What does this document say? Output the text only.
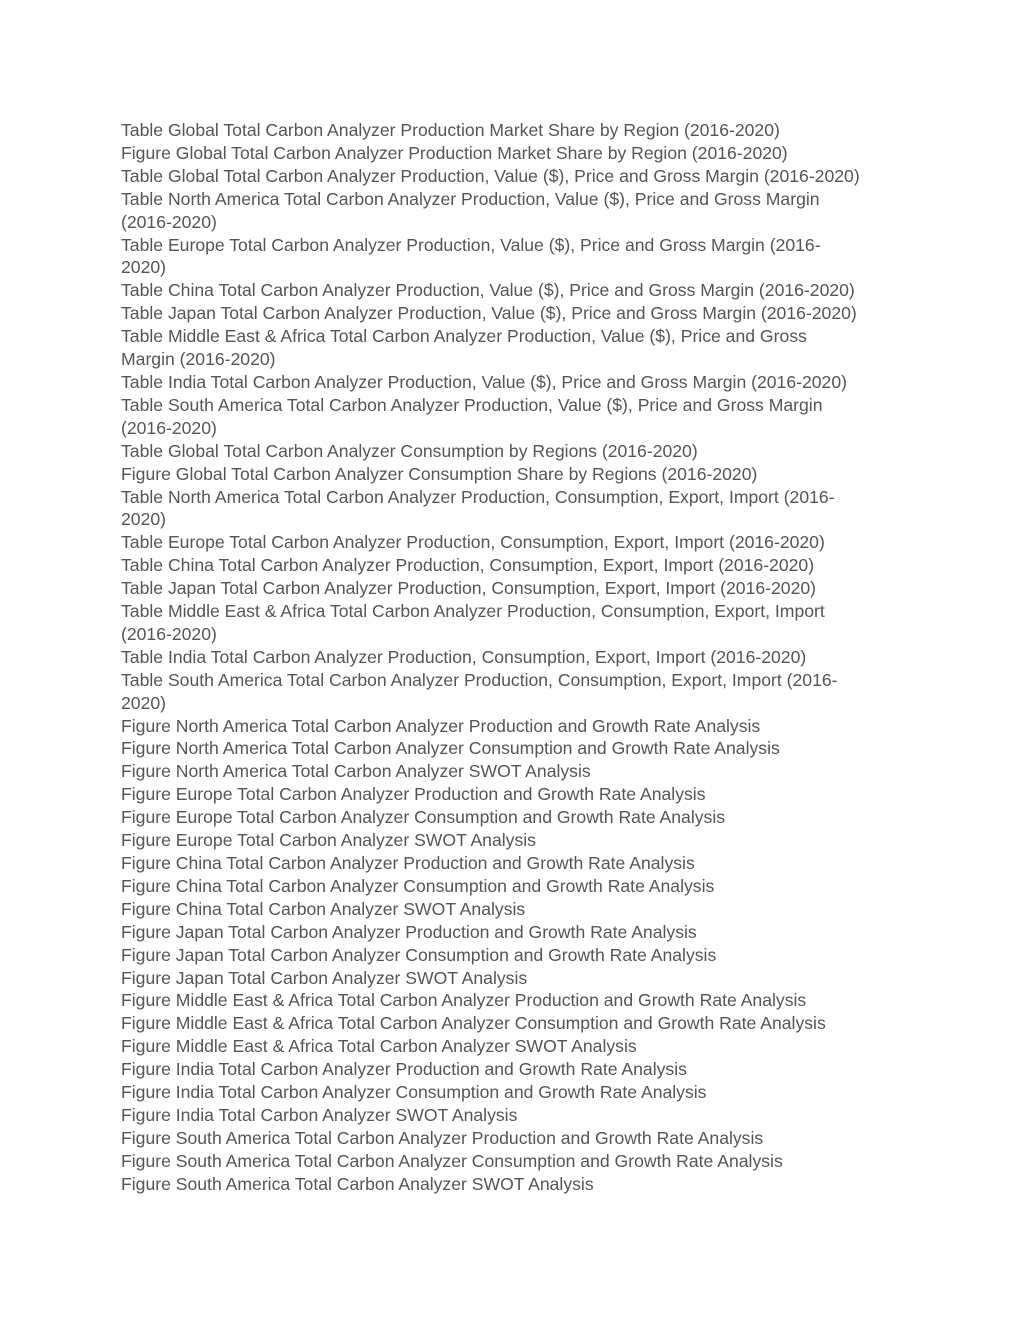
Table Global Total Carbon Analyzer Production Market Share by Region (2016-2020)

Figure Global Total Carbon Analyzer Production Market Share by Region (2016-2020)

Table Global Total Carbon Analyzer Production, Value ($), Price and Gross Margin (2016-2020)

Table North America Total Carbon Analyzer Production, Value ($), Price and Gross Margin
(2016-2020)

Table Europe Total Carbon Analyzer Production, Value ($), Price and Gross Margin (2016-
2020)

Table China Total Carbon Analyzer Production, Value ($), Price and Gross Margin (2016-2020)

Table Japan Total Carbon Analyzer Production, Value ($), Price and Gross Margin (2016-2020)

Table Middle East & Africa Total Carbon Analyzer Production, Value ($), Price and Gross
Margin (2016-2020)

Table India Total Carbon Analyzer Production, Value ($), Price and Gross Margin (2016-2020)

Table South America Total Carbon Analyzer Production, Value ($), Price and Gross Margin
(2016-2020)

Table Global Total Carbon Analyzer Consumption by Regions (2016-2020)

Figure Global Total Carbon Analyzer Consumption Share by Regions (2016-2020)

Table North America Total Carbon Analyzer Production, Consumption, Export, Import (2016-
2020)

Table Europe Total Carbon Analyzer Production, Consumption, Export, Import (2016-2020)

Table China Total Carbon Analyzer Production, Consumption, Export, Import (2016-2020)

Table Japan Total Carbon Analyzer Production, Consumption, Export, Import (2016-2020)

Table Middle East & Africa Total Carbon Analyzer Production, Consumption, Export, Import
(2016-2020)

Table India Total Carbon Analyzer Production, Consumption, Export, Import (2016-2020)

Table South America Total Carbon Analyzer Production, Consumption, Export, Import (2016-
2020)

Figure North America Total Carbon Analyzer Production and Growth Rate Analysis

Figure North America Total Carbon Analyzer Consumption and Growth Rate Analysis

Figure North America Total Carbon Analyzer SWOT Analysis

Figure Europe Total Carbon Analyzer Production and Growth Rate Analysis

Figure Europe Total Carbon Analyzer Consumption and Growth Rate Analysis

Figure Europe Total Carbon Analyzer SWOT Analysis

Figure China Total Carbon Analyzer Production and Growth Rate Analysis

Figure China Total Carbon Analyzer Consumption and Growth Rate Analysis

Figure China Total Carbon Analyzer SWOT Analysis

Figure Japan Total Carbon Analyzer Production and Growth Rate Analysis

Figure Japan Total Carbon Analyzer Consumption and Growth Rate Analysis

Figure Japan Total Carbon Analyzer SWOT Analysis

Figure Middle East & Africa Total Carbon Analyzer Production and Growth Rate Analysis

Figure Middle East & Africa Total Carbon Analyzer Consumption and Growth Rate Analysis

Figure Middle East & Africa Total Carbon Analyzer SWOT Analysis

Figure India Total Carbon Analyzer Production and Growth Rate Analysis

Figure India Total Carbon Analyzer Consumption and Growth Rate Analysis

Figure India Total Carbon Analyzer SWOT Analysis

Figure South America Total Carbon Analyzer Production and Growth Rate Analysis

Figure South America Total Carbon Analyzer Consumption and Growth Rate Analysis

Figure South America Total Carbon Analyzer SWOT Analysis
